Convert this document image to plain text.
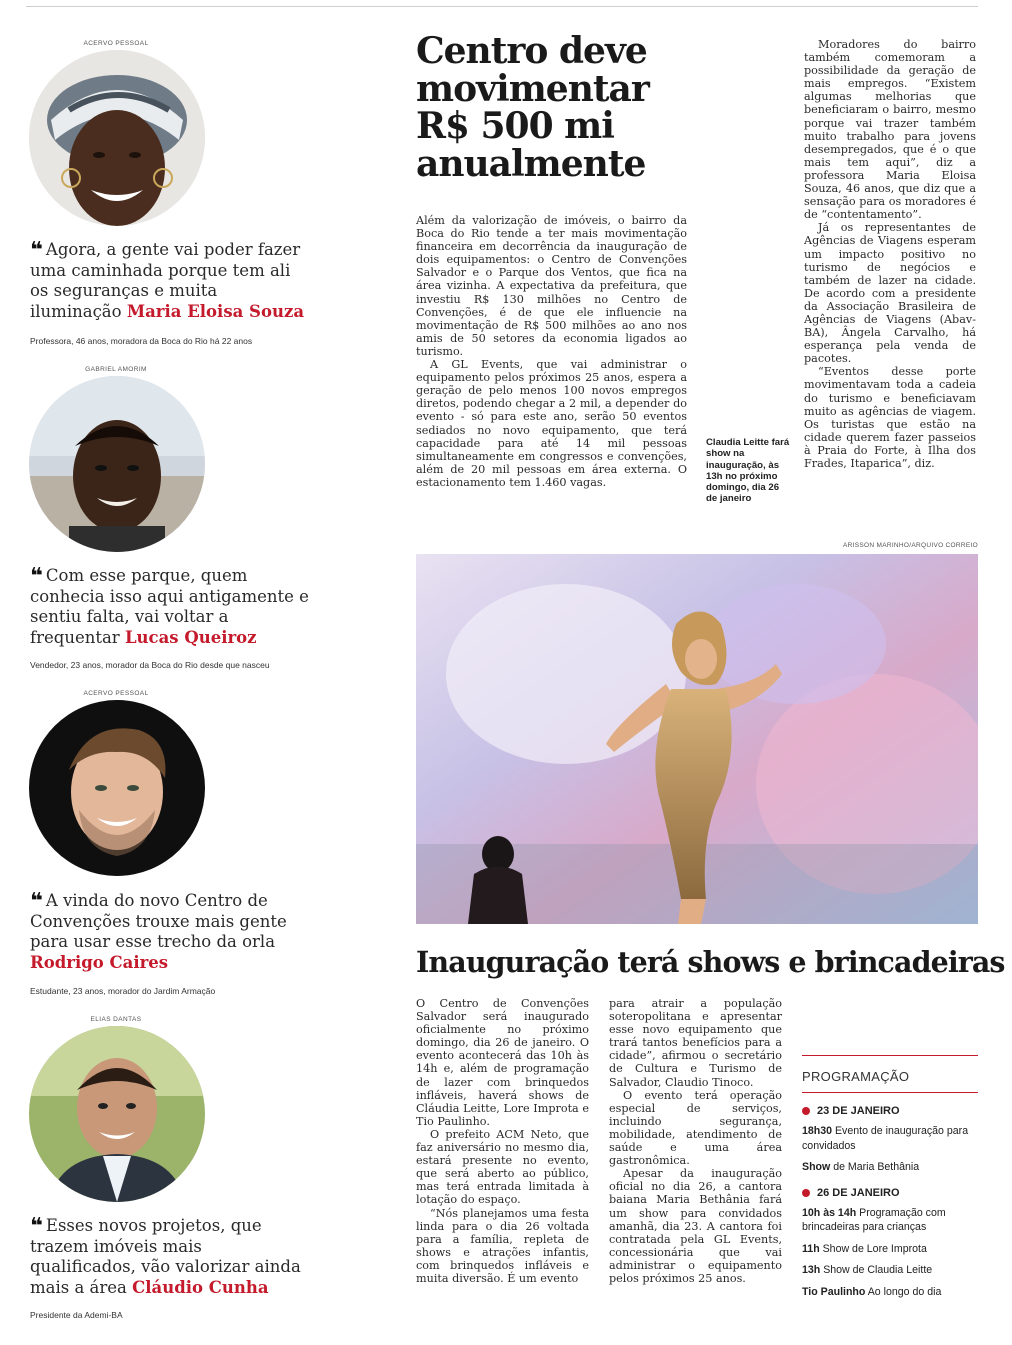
ACERVO PESSOAL
❝ Agora, a gente vai poder fazer uma caminhada porque tem ali os seguranças e muita iluminação Maria Eloisa Souza
Professora, 46 anos, moradora da Boca do Rio há 22 anos
GABRIEL AMORIM
❝ Com esse parque, quem conhecia isso aqui antigamente e sentiu falta, vai voltar a frequentar Lucas Queiroz
Vendedor, 23 anos, morador da Boca do Rio desde que nasceu
ACERVO PESSOAL
❝ A vinda do novo Centro de Convenções trouxe mais gente para usar esse trecho da orla Rodrigo Caires
Estudante, 23 anos, morador do Jardim Armação
ELIAS DANTAS
❝ Esses novos projetos, que trazem imóveis mais qualificados, vão valorizar ainda mais a área Cláudio Cunha
Presidente da Ademi-BA
Centro deve movimentar R$ 500 mi anualmente

Além da valorização de imóveis, o bairro da Boca do Rio tende a ter mais movimentação financeira em decorrência da inauguração de dois equipamentos: o Centro de Convenções Salvador e o Parque dos Ventos, que fica na área vizinha. A expectativa da prefeitura, que investiu R$ 130 milhões no Centro de Convenções, é de que ele influencie na movimentação de R$ 500 milhões ao ano nos amis de 50 setores da economia ligados ao turismo.

A GL Events, que vai administrar o equipamento pelos próximos 25 anos, espera a geração de pelo menos 100 novos empregos diretos, podendo chegar a 2 mil, a depender do evento - só para este ano, serão 50 eventos sediados no novo equipamento, que terá capacidade para até 14 mil pessoas simultaneamente em congressos e convenções, além de 20 mil pessoas em área externa. O estacionamento tem 1.460 vagas.

Claudia Leitte fará show na inauguração, às 13h no próximo domingo, dia 26 de janeiro

Moradores do bairro também comemoram a possibilidade da geração de mais empregos. “Existem algumas melhorias que beneficiaram o bairro, mesmo porque vai trazer também muito trabalho para jovens desempregados, que é o que mais tem aqui”, diz a professora Maria Eloisa Souza, 46 anos, que diz que a sensação para os moradores é de “contentamento”.

Já os representantes de Agências de Viagens esperam um impacto positivo no turismo de negócios e também de lazer na cidade. De acordo com a presidente da Associação Brasileira de Agências de Viagens (Abav-BA), Ângela Carvalho, há esperança pela venda de pacotes.

“Eventos desse porte movimentavam toda a cadeia do turismo e beneficiavam muito as agências de viagem. Os turistas que estão na cidade querem fazer passeios à Praia do Forte, à Ilha dos Frades, Itaparica”, diz.

ARISSON MARINHO/ARQUIVO CORREIO
Inauguração terá shows e brincadeiras

O Centro de Convenções Salvador será inaugurado oficialmente no próximo domingo, dia 26 de janeiro. O evento acontecerá das 10h às 14h e, além de programação de lazer com brinquedos infláveis, haverá shows de Cláudia Leitte, Lore Improta e Tio Paulinho.

O prefeito ACM Neto, que faz aniversário no mesmo dia, estará presente no evento, que será aberto ao público, mas terá entrada limitada à lotação do espaço.

“Nós planejamos uma festa linda para o dia 26 voltada para a família, repleta de shows e atrações infantis, com brinquedos infláveis e muita diversão. É um evento

para atrair a população soteropolitana e apresentar esse novo equipamento que trará tantos benefícios para a cidade”, afirmou o secretário de Cultura e Turismo de Salvador, Claudio Tinoco.

O evento terá operação especial de serviços, incluindo segurança, mobilidade, atendimento de saúde e uma área gastronômica.

Apesar da inauguração oficial no dia 26, a cantora baiana Maria Bethânia fará um show para convidados amanhã, dia 23. A cantora foi contratada pela GL Events, concessionária que vai administrar o equipamento pelos próximos 25 anos.

PROGRAMAÇÃO
23 DE JANEIRO
18h30 Evento de inauguração para convidados
Show de Maria Bethânia
26 DE JANEIRO
10h às 14h Programação com brincadeiras para crianças
11h Show de Lore Improta
13h Show de Claudia Leitte
Tio Paulinho Ao longo do dia
